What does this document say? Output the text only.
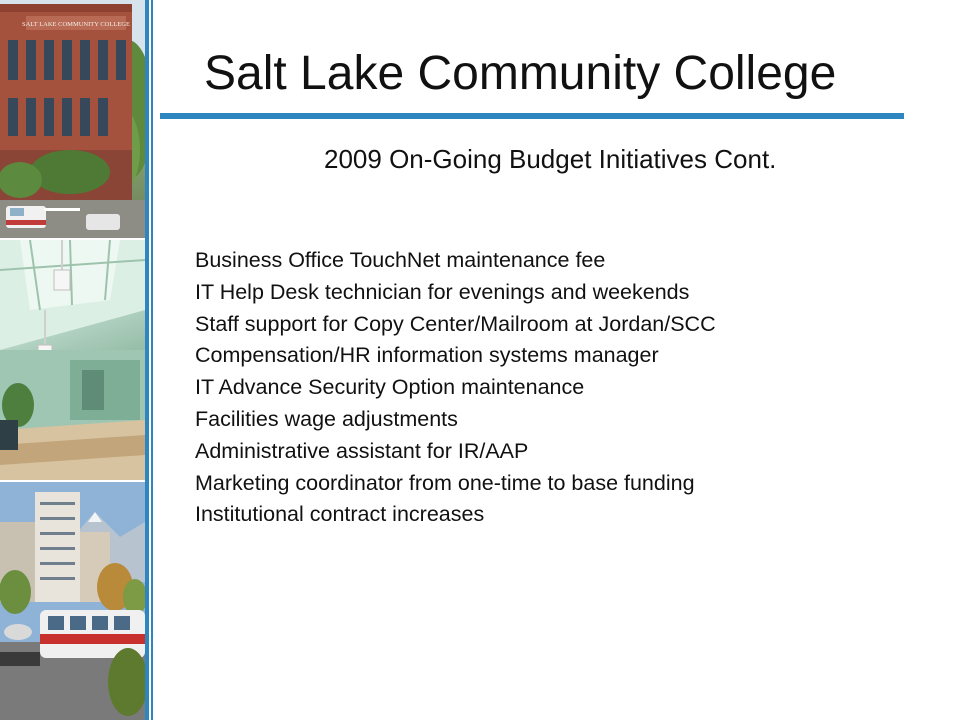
SALT LAKE COMMUNITY COLLEGE
Salt Lake Community College
2009 On-Going Budget Initiatives Cont.
Business Office TouchNet maintenance fee
IT Help Desk technician for evenings and weekends
Staff support for Copy Center/Mailroom at Jordan/SCC
Compensation/HR information systems manager
IT Advance Security Option maintenance
Facilities wage adjustments
Administrative assistant for IR/AAP
Marketing coordinator from one-time to base funding
Institutional contract increases
